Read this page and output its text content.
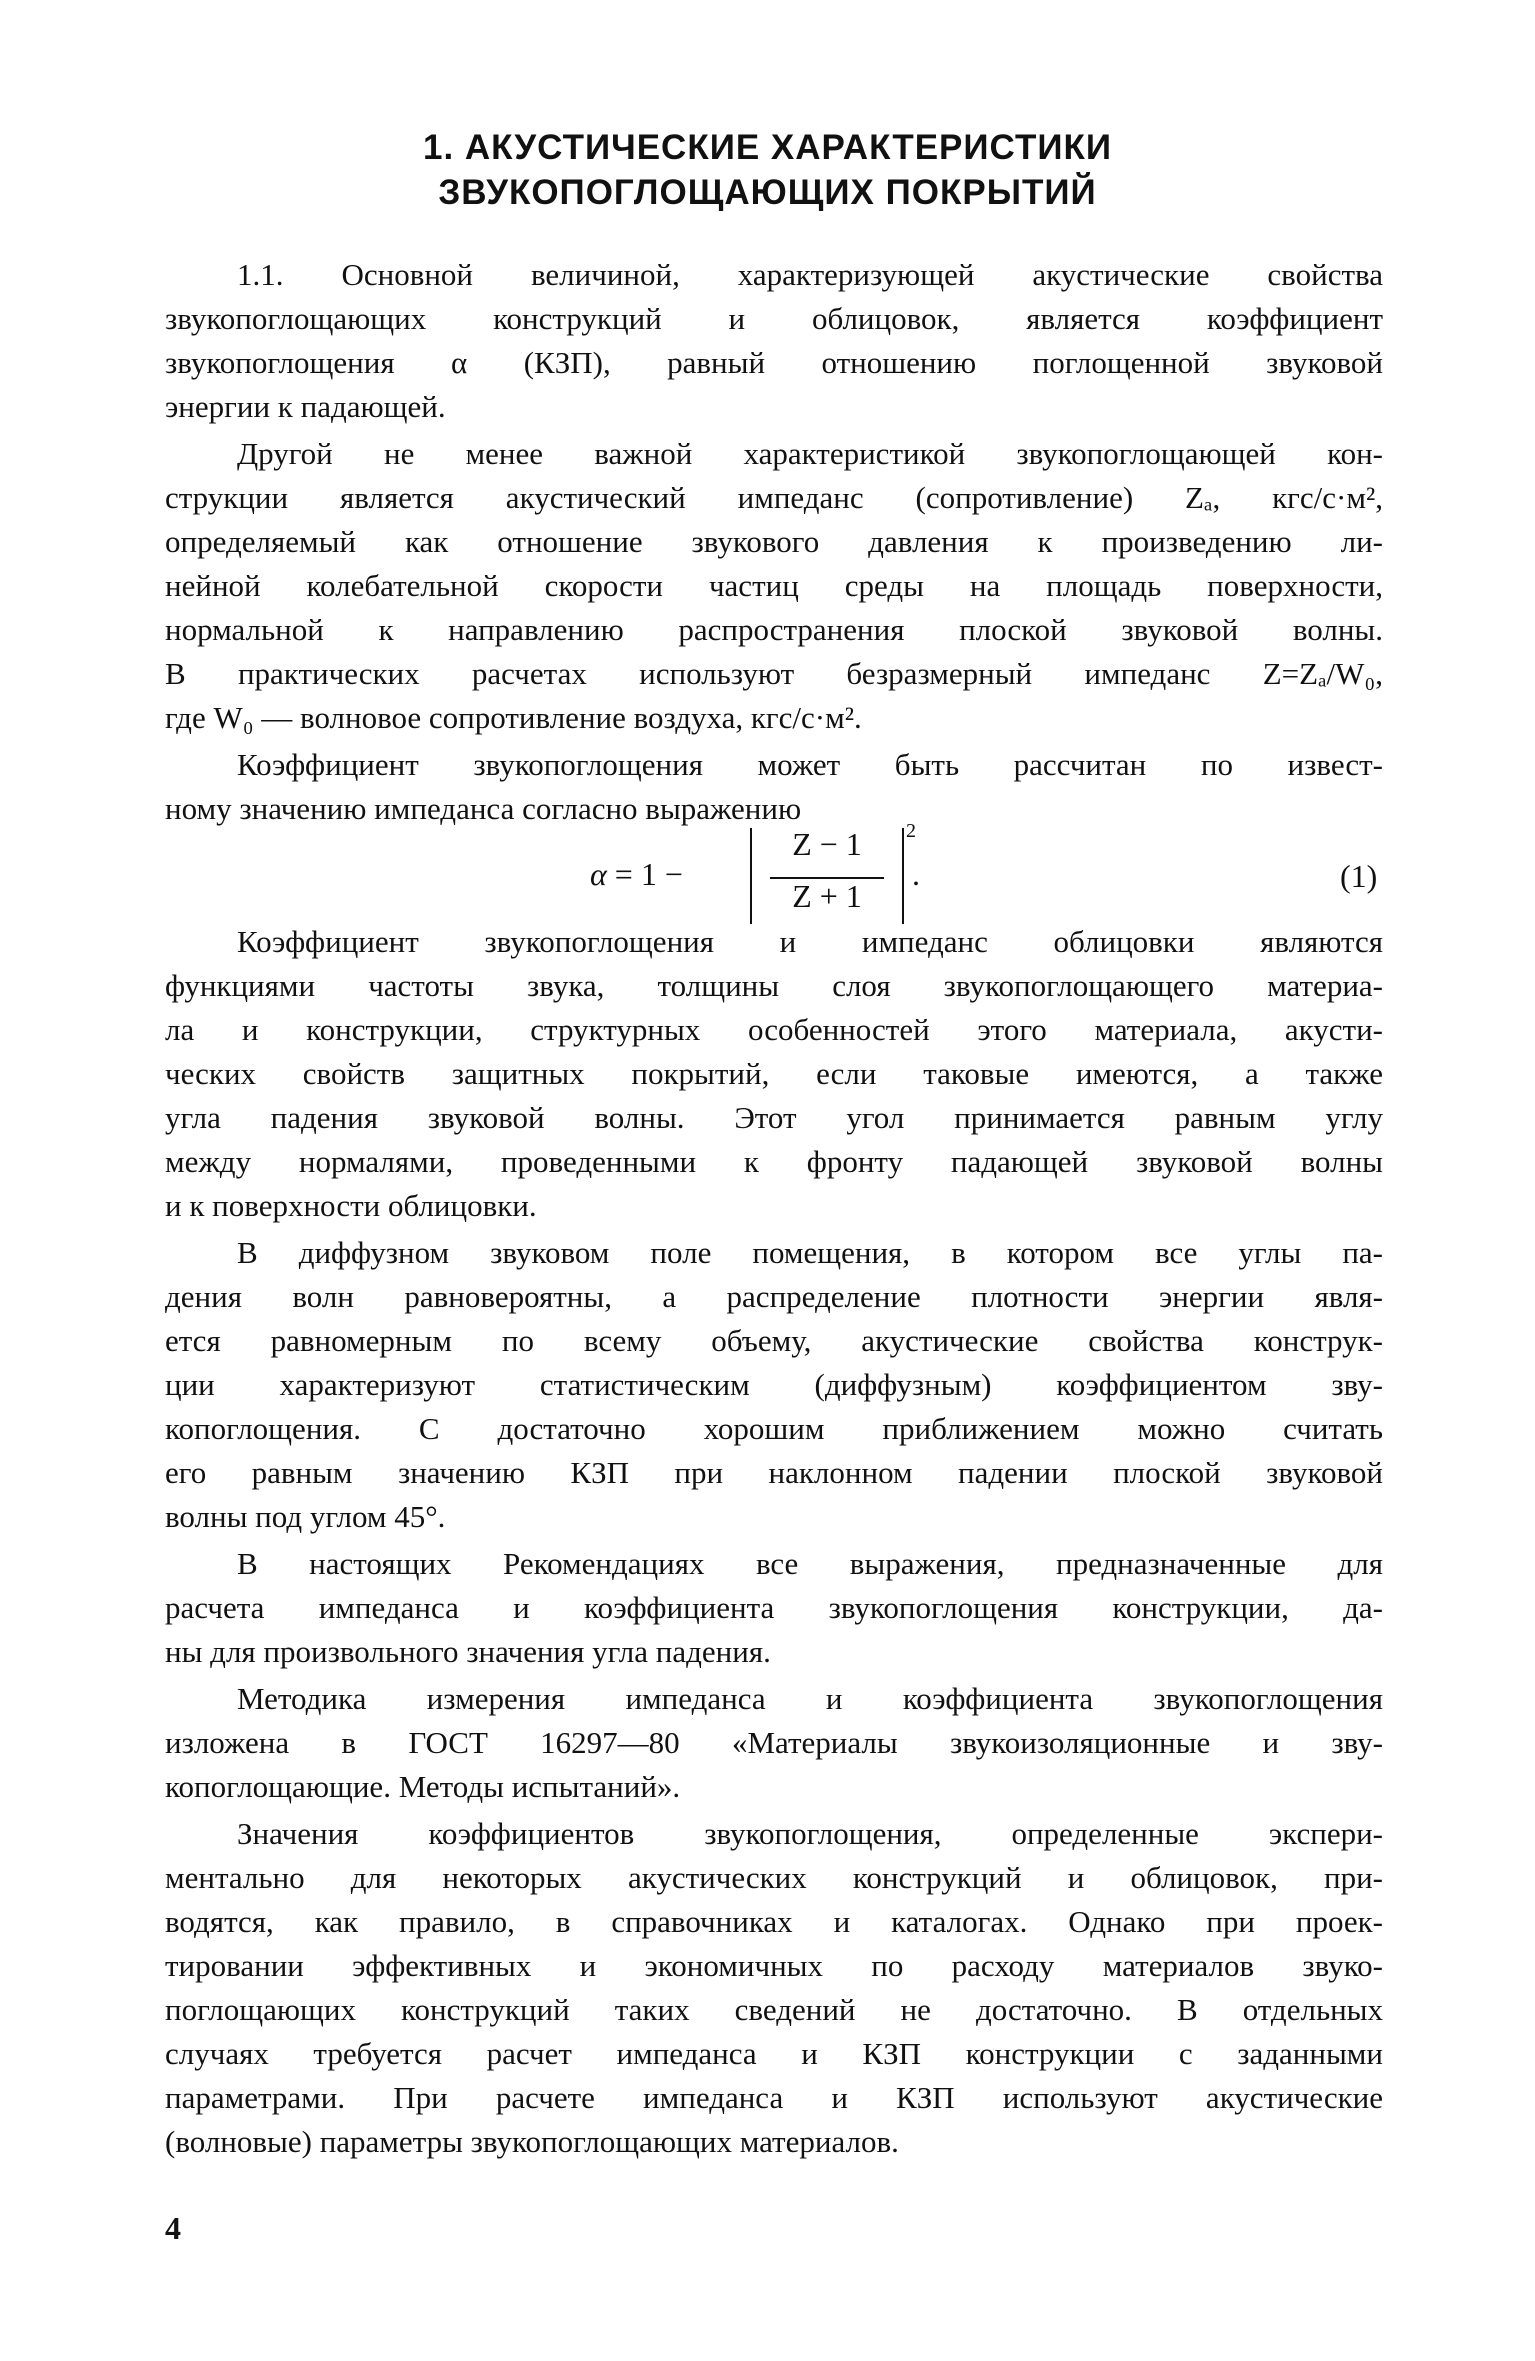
1. АКУСТИЧЕСКИЕ ХАРАКТЕРИСТИКИ
ЗВУКОПОГЛОЩАЮЩИХ ПОКРЫТИЙ
1.1. Основной величиной, характеризующей акустические свойства
звукопоглощающих конструкций и облицовок, является коэффициент
звукопоглощения α (КЗП), равный отношению поглощенной звуковой
энергии к падающей.
Другой не менее важной характеристикой звукопоглощающей кон-
струкции является акустический импеданс (сопротивление) Zₐ, кгс/с·м²,
определяемый как отношение звукового давления к произведению ли-
нейной колебательной скорости частиц среды на площадь поверхности,
нормальной к направлению распространения плоской звуковой волны.
В практических расчетах используют безразмерный импеданс Z=Zₐ/W₀,
где W₀ — волновое сопротивление воздуха, кгс/с·м².
Коэффициент звукопоглощения может быть рассчитан по извест-
ному значению импеданса согласно выражению
α = 1 −
Z − 1
Z + 1
2
.	(1)
Коэффициент звукопоглощения и импеданс облицовки являются
функциями частоты звука, толщины слоя звукопоглощающего материа-
ла и конструкции, структурных особенностей этого материала, акусти-
ческих свойств защитных покрытий, если таковые имеются, а также
угла падения звуковой волны. Этот угол принимается равным углу
между нормалями, проведенными к фронту падающей звуковой волны
и к поверхности облицовки.
В диффузном звуковом поле помещения, в котором все углы па-
дения волн равновероятны, а распределение плотности энергии явля-
ется равномерным по всему объему, акустические свойства конструк-
ции характеризуют статистическим (диффузным) коэффициентом зву-
копоглощения. С достаточно хорошим приближением можно считать
его равным значению КЗП при наклонном падении плоской звуковой
волны под углом 45°.
В настоящих Рекомендациях все выражения, предназначенные для
расчета импеданса и коэффициента звукопоглощения конструкции, да-
ны для произвольного значения угла падения.
Методика измерения импеданса и коэффициента звукопоглощения
изложена в ГОСТ 16297—80 «Материалы звукоизоляционные и зву-
копоглощающие. Методы испытаний».
Значения коэффициентов звукопоглощения, определенные экспери-
ментально для некоторых акустических конструкций и облицовок, при-
водятся, как правило, в справочниках и каталогах. Однако при проек-
тировании эффективных и экономичных по расходу материалов звуко-
поглощающих конструкций таких сведений не достаточно. В отдельных
случаях требуется расчет импеданса и КЗП конструкции с заданными
параметрами. При расчете импеданса и КЗП используют акустические
(волновые) параметры звукопоглощающих материалов.
4
